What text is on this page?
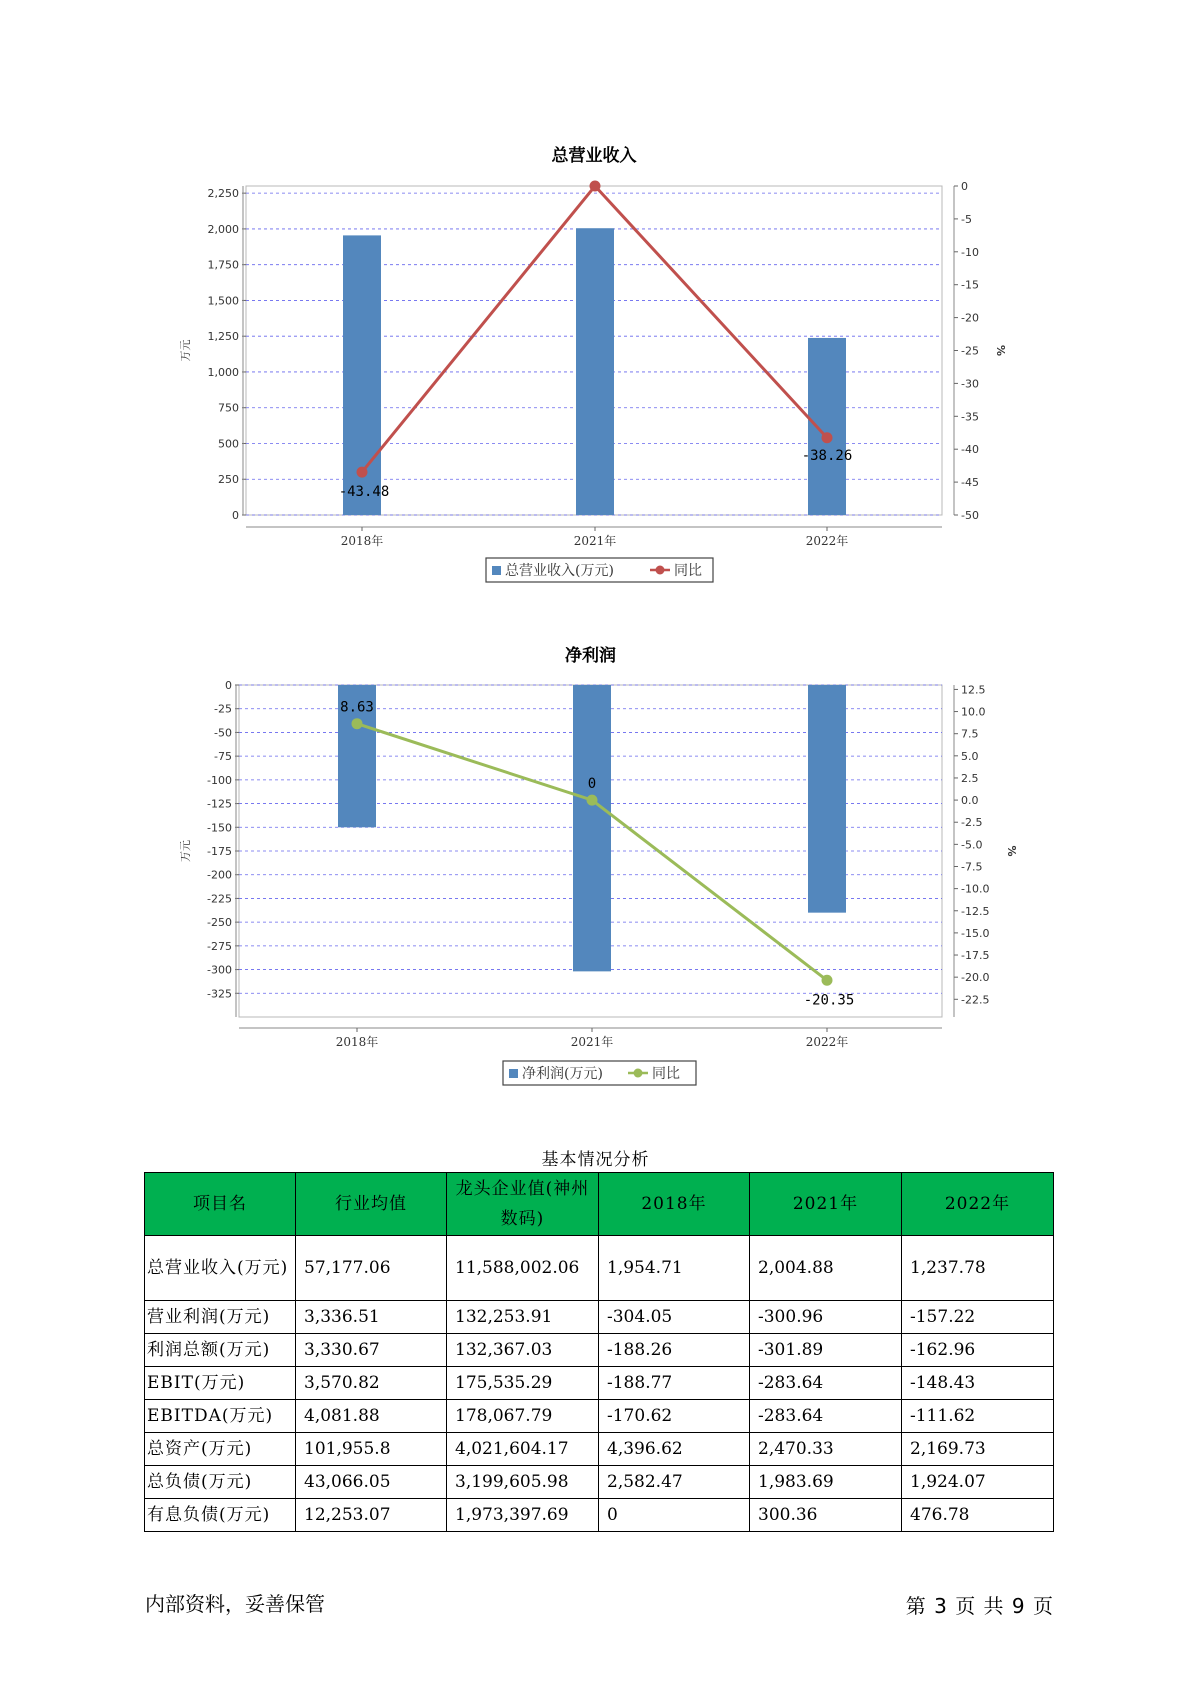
总营业收入
0
250
500
750
1,000
1,250
1,500
1,750
2,000
2,250
0
-5
-10
-15
-20
-25
-30
-35
-40
-45
-50
万元	%
2018年	2021年	2022年
-43.48
-38.26
总营业收入(万元)	同比
净利润
0
-25
-50
-75
-100
-125
-150
-175
-200
-225
-250
-275
-300
-325
12.5
10.0
7.5
5.0
2.5
0.0
-2.5
-5.0
-7.5
-10.0
-12.5
-15.0
-17.5
-20.0
-22.5
万元	%
2018年	2021年	2022年
8.63
0
-20.35
净利润(万元)	同比
基本情况分析
项目名	行业均值	龙头企业值(神州数码)	2018年	2021年	2022年
总营业收入(万元)	57,177.06	11,588,002.06	1,954.71	2,004.88	1,237.78
营业利润(万元)	3,336.51	132,253.91	-304.05	-300.96	-157.22
利润总额(万元)	3,330.67	132,367.03	-188.26	-301.89	-162.96
EBIT(万元)	3,570.82	175,535.29	-188.77	-283.64	-148.43
EBITDA(万元)	4,081.88	178,067.79	-170.62	-283.64	-111.62
总资产(万元)	101,955.8	4,021,604.17	4,396.62	2,470.33	2,169.73
总负债(万元)	43,066.05	3,199,605.98	2,582.47	1,983.69	1,924.07
有息负债(万元)	12,253.07	1,973,397.69	0	300.36	476.78
内部资料，妥善保管	第 3 页 共 9 页
